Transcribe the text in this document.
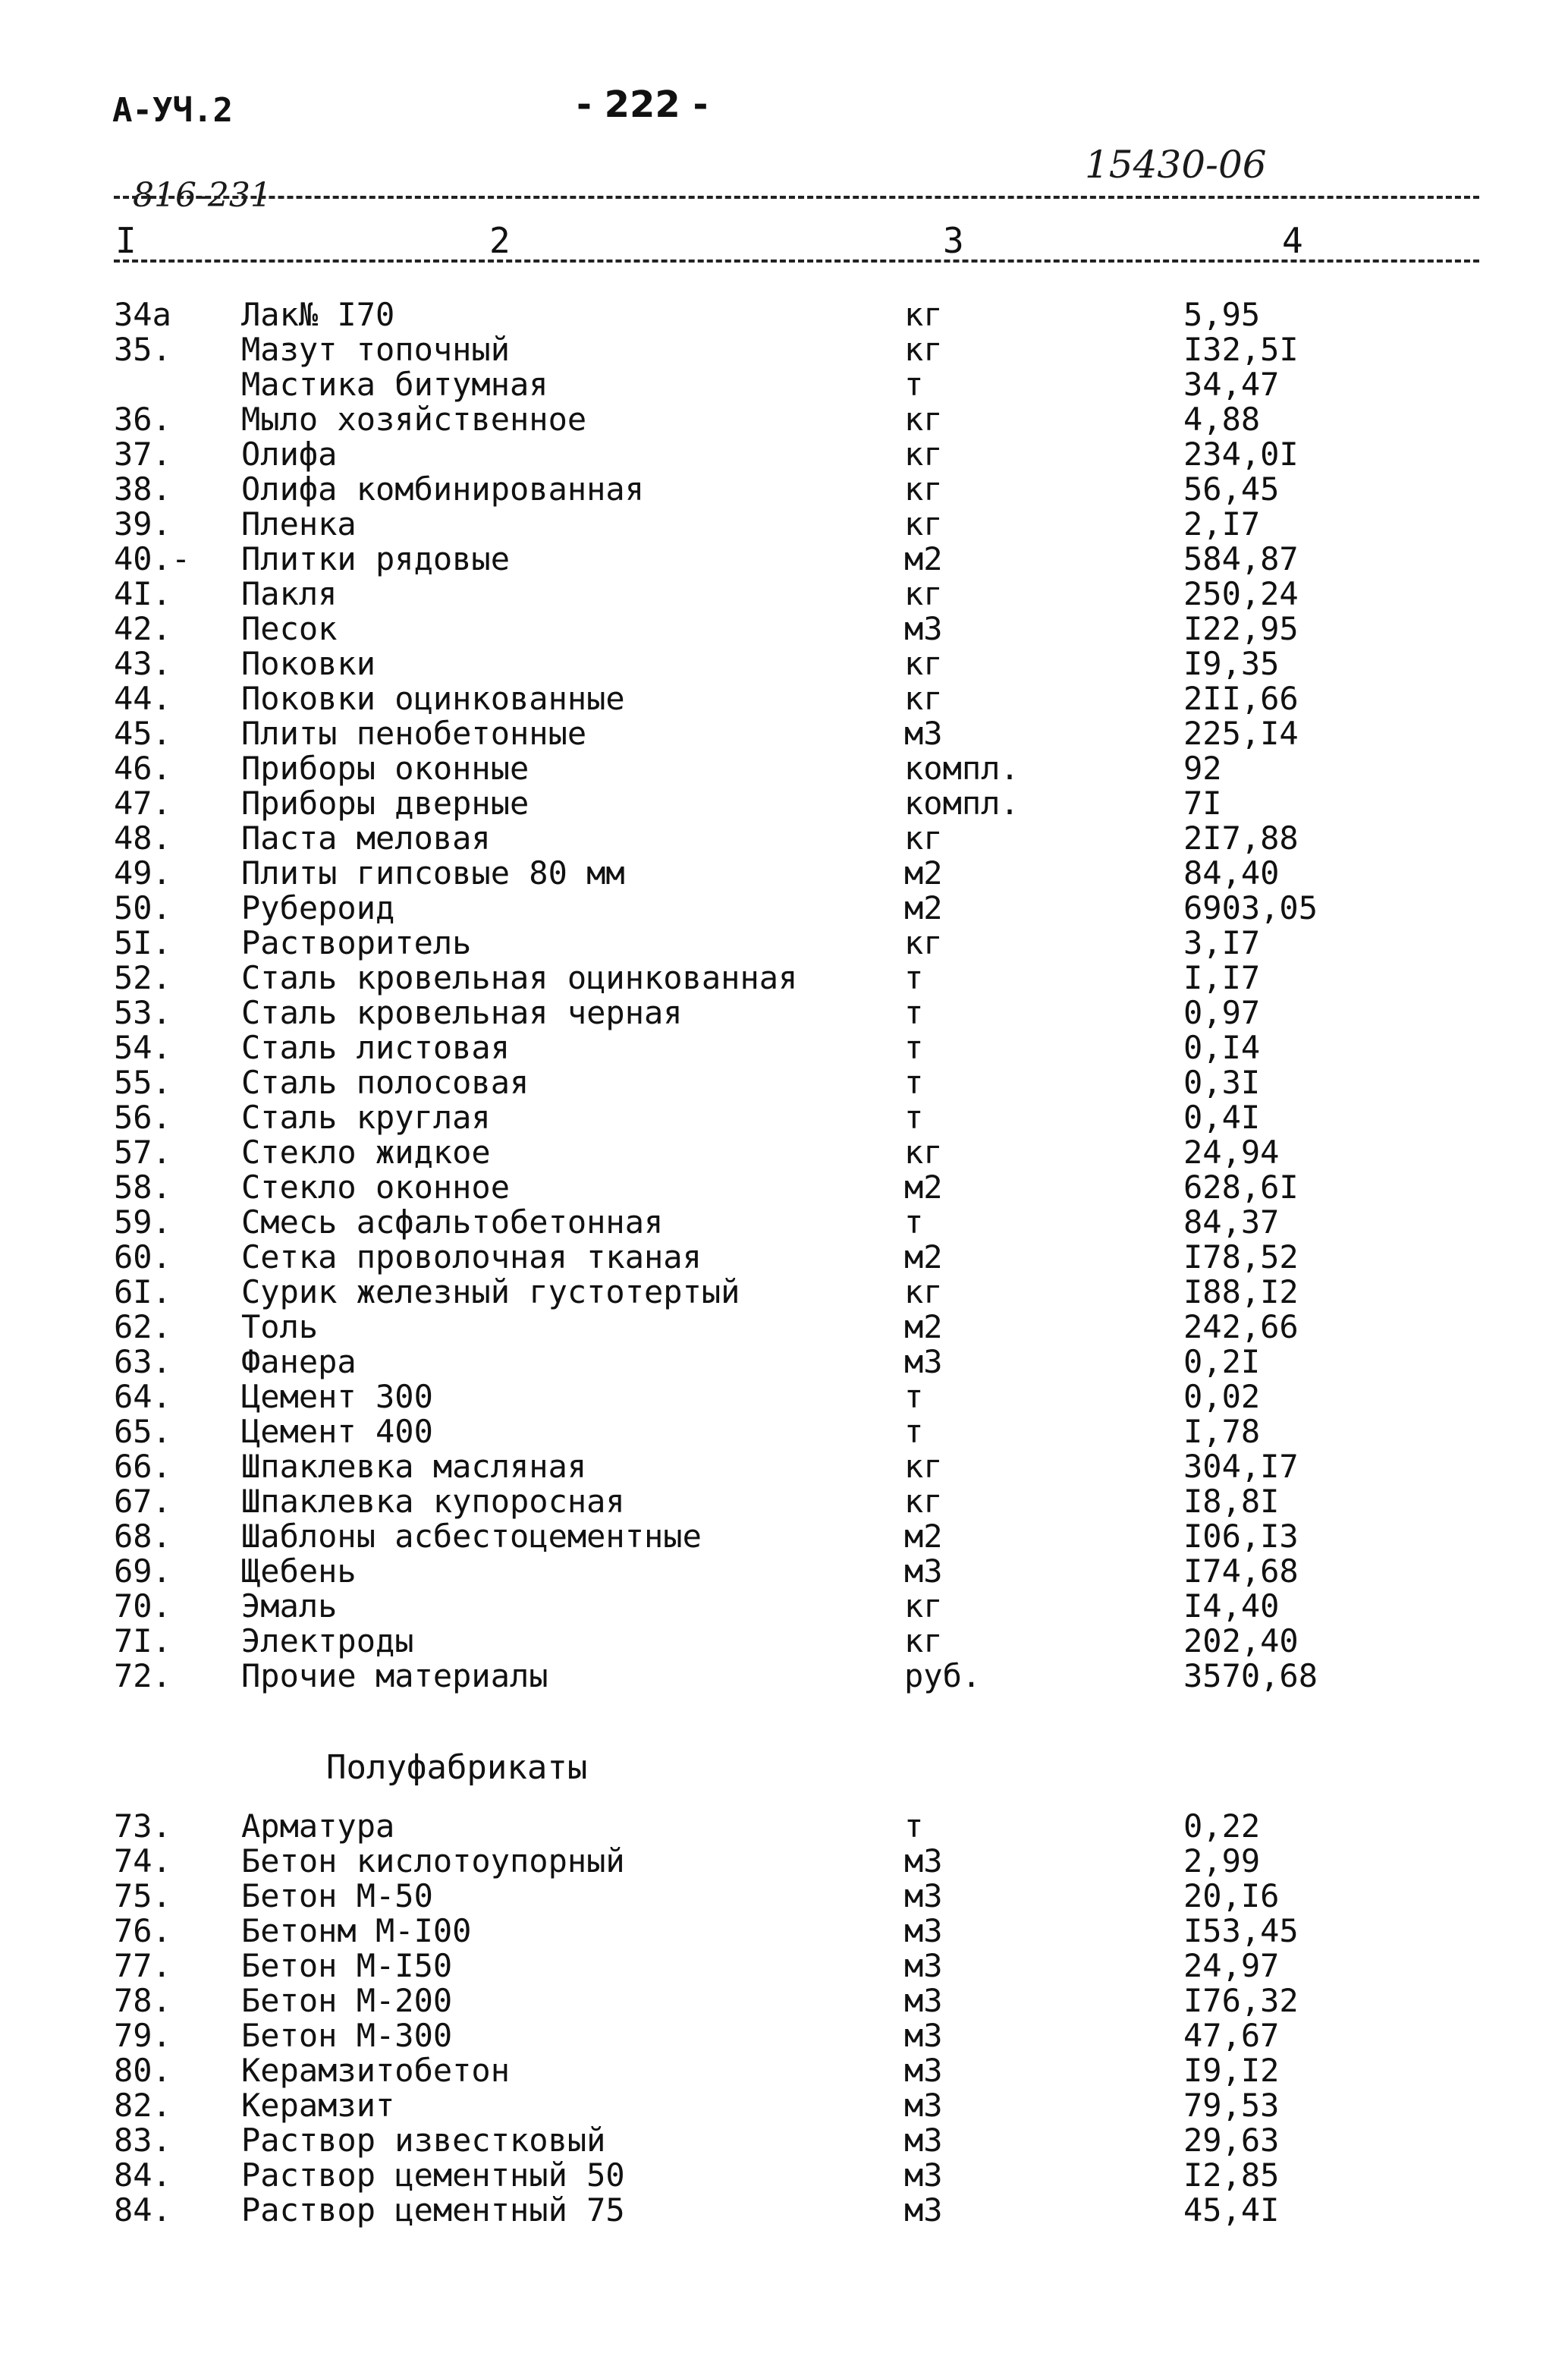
А-УЧ.2	- 222 -
15430-06
816-231
I	2	3	4
34а Лак№ I70	кг	5,95
35. Мазут топочный	кг	I32,5I
Мастика битумная	т	34,47
36. Мыло хозяйственное	кг	4,88
37. Олифа	кг	234,0I
38. Олифа комбинированная	кг	56,45
39. Пленка	кг	2,I7
40.- Плитки рядовые	м2	584,87
4I. Пакля	кг	250,24
42. Песок	м3	I22,95
43. Поковки	кг	I9,35
44. Поковки оцинкованные	кг	2II,66
45. Плиты пенобетонные	м3	225,I4
46. Приборы оконные	компл.	92
47. Приборы дверные	компл.	7I
48. Паста меловая	кг	2I7,88
49. Плиты гипсовые 80 мм	м2	84,40
50. Рубероид	м2	6903,05
5I. Растворитель	кг	3,I7
52. Сталь кровельная оцинкованная	т	I,I7
53. Сталь кровельная черная	т	0,97
54. Сталь листовая	т	0,I4
55. Сталь полосовая	т	0,3I
56. Сталь круглая	т	0,4I
57. Стекло жидкое	кг	24,94
58. Стекло оконное	м2	628,6I
59. Смесь асфальтобетонная	т	84,37
60. Сетка проволочная тканая	м2	I78,52
6I. Сурик железный густотертый	кг	I88,I2
62. Толь	м2	242,66
63. Фанера	м3	0,2I
64. Цемент 300	т	0,02
65. Цемент 400	т	I,78
66. Шпаклевка масляная	кг	304,I7
67. Шпаклевка купоросная	кг	I8,8I
68. Шаблоны асбестоцементные	м2	I06,I3
69. Щебень	м3	I74,68
70. Эмаль	кг	I4,40
7I. Электроды	кг	202,40
72. Прочие материалы	руб.	3570,68
Полуфабрикаты
73. Арматура	т	0,22
74. Бетон кислотоупорный	м3	2,99
75. Бетон М-50	м3	20,I6
76. Бетонм М-I00	м3	I53,45
77. Бетон М-I50	м3	24,97
78. Бетон М-200	м3	I76,32
79. Бетон М-300	м3	47,67
80. Керамзитобетон	м3	I9,I2
82. Керамзит	м3	79,53
83. Раствор известковый	м3	29,63
84. Раствор цементный 50	м3	I2,85
84. Раствор цементный 75	м3	45,4I
